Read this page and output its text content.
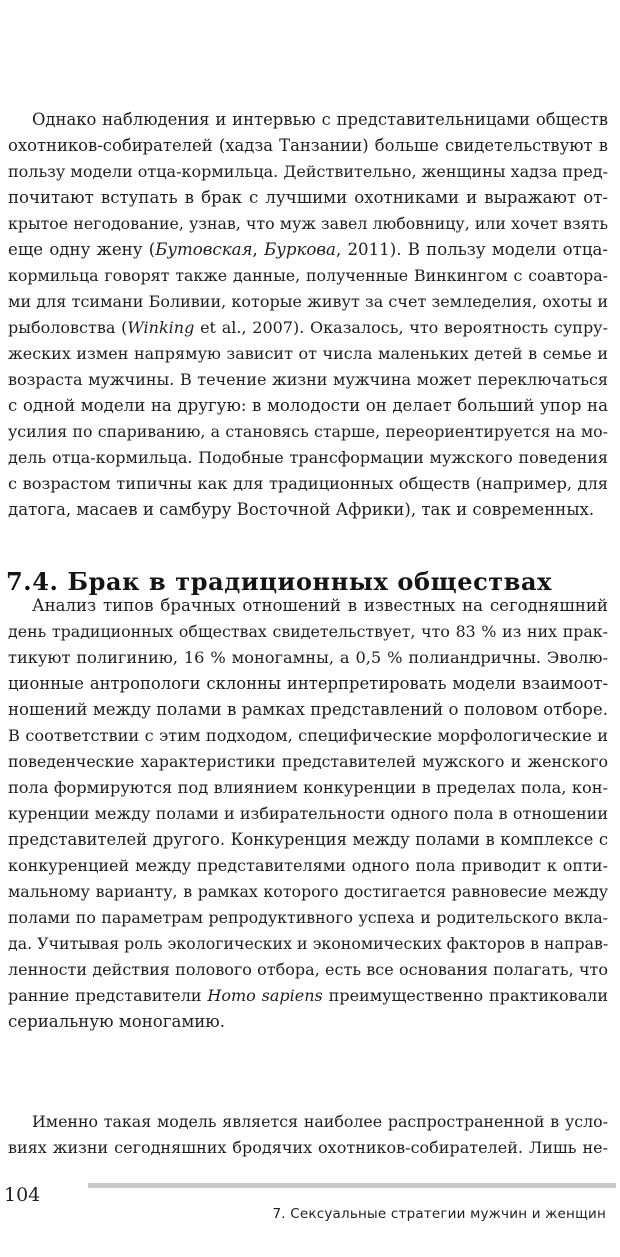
Однако наблюдения и интервью с представительницами обществ
охотников-собирателей (хадза Танзании) больше свидетельствуют в
пользу модели отца-кормильца. Действительно, женщины хадза пред-
почитают вступать в брак с лучшими охотниками и выражают от-
крытое негодование, узнав, что муж завел любовницу, или хочет взять
еще одну жену (Бутовская, Буркова, 2011). В пользу модели отца-
кормильца говорят также данные, полученные Винкингом с соавтора-
ми для тсимани Боливии, которые живут за счет земледелия, охоты и
рыболовства (Winking et al., 2007). Оказалось, что вероятность супру-
жеских измен напрямую зависит от числа маленьких детей в семье и
возраста мужчины. В течение жизни мужчина может переключаться
с одной модели на другую: в молодости он делает больший упор на
усилия по спариванию, а становясь старше, переориентируется на мо-
дель отца-кормильца. Подобные трансформации мужского поведения
с возрастом типичны как для традиционных обществ (например, для
датога, масаев и самбуру Восточной Африки), так и современных.
7.4. Брак в традиционных обществах
Анализ типов брачных отношений в известных на сегодняшний
день традиционных обществах свидетельствует, что 83 % из них прак-
тикуют полигинию, 16 % моногамны, а 0,5 % полиандричны. Эволю-
ционные антропологи склонны интерпретировать модели взаимоот-
ношений между полами в рамках представлений о половом отборе.
В соответствии с этим подходом, специфические морфологические и
поведенческие характеристики представителей мужского и женского
пола формируются под влиянием конкуренции в пределах пола, кон-
куренции между полами и избирательности одного пола в отношении
представителей другого. Конкуренция между полами в комплексе с
конкуренцией между представителями одного пола приводит к опти-
мальному варианту, в рамках которого достигается равновесие между
полами по параметрам репродуктивного успеха и родительского вкла-
да. Учитывая роль экологических и экономических факторов в направ-
ленности действия полового отбора, есть все основания полагать, что
ранние представители Homo sapiens преимущественно практиковали
сериальную моногамию.
Именно такая модель является наиболее распространенной в усло-
виях жизни сегодняшних бродячих охотников-собирателей. Лишь не-
104
7. Сексуальные стратегии мужчин и женщин
